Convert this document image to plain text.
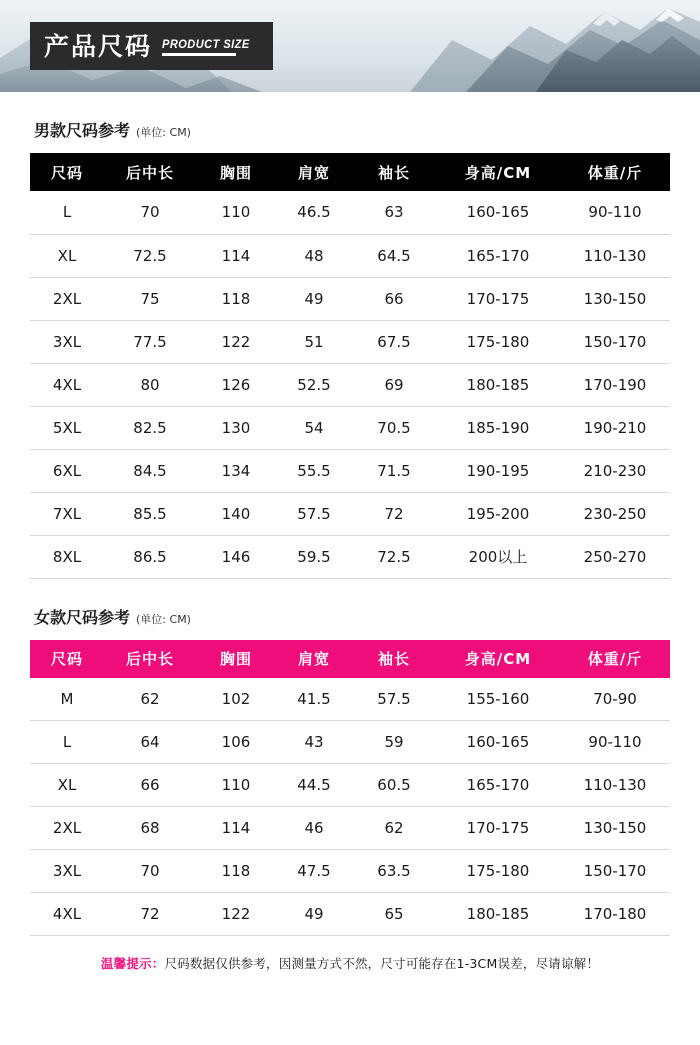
产品尺码 PRODUCT SIZE
男款尺码参考 (单位: CM)
尺码	后中长	胸围	肩宽	袖长	身高/CM	体重/斤
L	70	110	46.5	63	160-165	90-110
XL	72.5	114	48	64.5	165-170	110-130
2XL	75	118	49	66	170-175	130-150
3XL	77.5	122	51	67.5	175-180	150-170
4XL	80	126	52.5	69	180-185	170-190
5XL	82.5	130	54	70.5	185-190	190-210
6XL	84.5	134	55.5	71.5	190-195	210-230
7XL	85.5	140	57.5	72	195-200	230-250
8XL	86.5	146	59.5	72.5	200以上	250-270
女款尺码参考 (单位: CM)
尺码	后中长	胸围	肩宽	袖长	身高/CM	体重/斤
M	62	102	41.5	57.5	155-160	70-90
L	64	106	43	59	160-165	90-110
XL	66	110	44.5	60.5	165-170	110-130
2XL	68	114	46	62	170-175	130-150
3XL	70	118	47.5	63.5	175-180	150-170
4XL	72	122	49	65	180-185	170-180
温馨提示：尺码数据仅供参考，因测量方式不然，尺寸可能存在1-3CM误差，尽请谅解！
